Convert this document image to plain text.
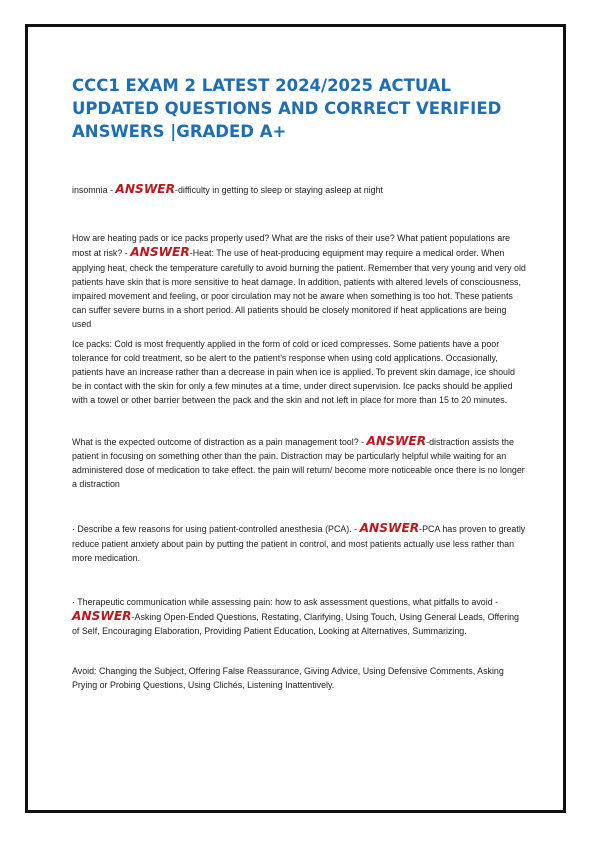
CCC1 EXAM 2 LATEST 2024/2025 ACTUAL UPDATED QUESTIONS AND CORRECT VERIFIED ANSWERS |GRADED A+

insomnia - ANSWER-difficulty in getting to sleep or staying asleep at night

How are heating pads or ice packs properly used? What are the risks of their use? What patient populations are most at risk? - ANSWER-Heat: The use of heat-producing equipment may require a medical order. When applying heat, check the temperature carefully to avoid burning the patient. Remember that very young and very old patients have skin that is more sensitive to heat damage. In addition, patients with altered levels of consciousness, impaired movement and feeling, or poor circulation may not be aware when something is too hot. These patients can suffer severe burns in a short period. All patients should be closely monitored if heat applications are being used

Ice packs: Cold is most frequently applied in the form of cold or iced compresses. Some patients have a poor tolerance for cold treatment, so be alert to the patient's response when using cold applications. Occasionally, patients have an increase rather than a decrease in pain when ice is applied. To prevent skin damage, ice should be in contact with the skin for only a few minutes at a time, under direct supervision. Ice packs should be applied with a towel or other barrier between the pack and the skin and not left in place for more than 15 to 20 minutes.

What is the expected outcome of distraction as a pain management tool? - ANSWER-distraction assists the patient in focusing on something other than the pain. Distraction may be particularly helpful while waiting for an administered dose of medication to take effect. the pain will return/ become more noticeable once there is no longer a distraction

· Describe a few reasons for using patient-controlled anesthesia (PCA). - ANSWER-PCA has proven to greatly reduce patient anxiety about pain by putting the patient in control, and most patients actually use less rather than more medication.

· Therapeutic communication while assessing pain: how to ask assessment questions, what pitfalls to avoid - ANSWER-Asking Open-Ended Questions, Restating, Clarifying, Using Touch, Using General Leads, Offering of Self, Encouraging Elaboration, Providing Patient Education, Looking at Alternatives, Summarizing.

Avoid: Changing the Subject, Offering False Reassurance, Giving Advice, Using Defensive Comments, Asking Prying or Probing Questions, Using Clichés, Listening Inattentively.
